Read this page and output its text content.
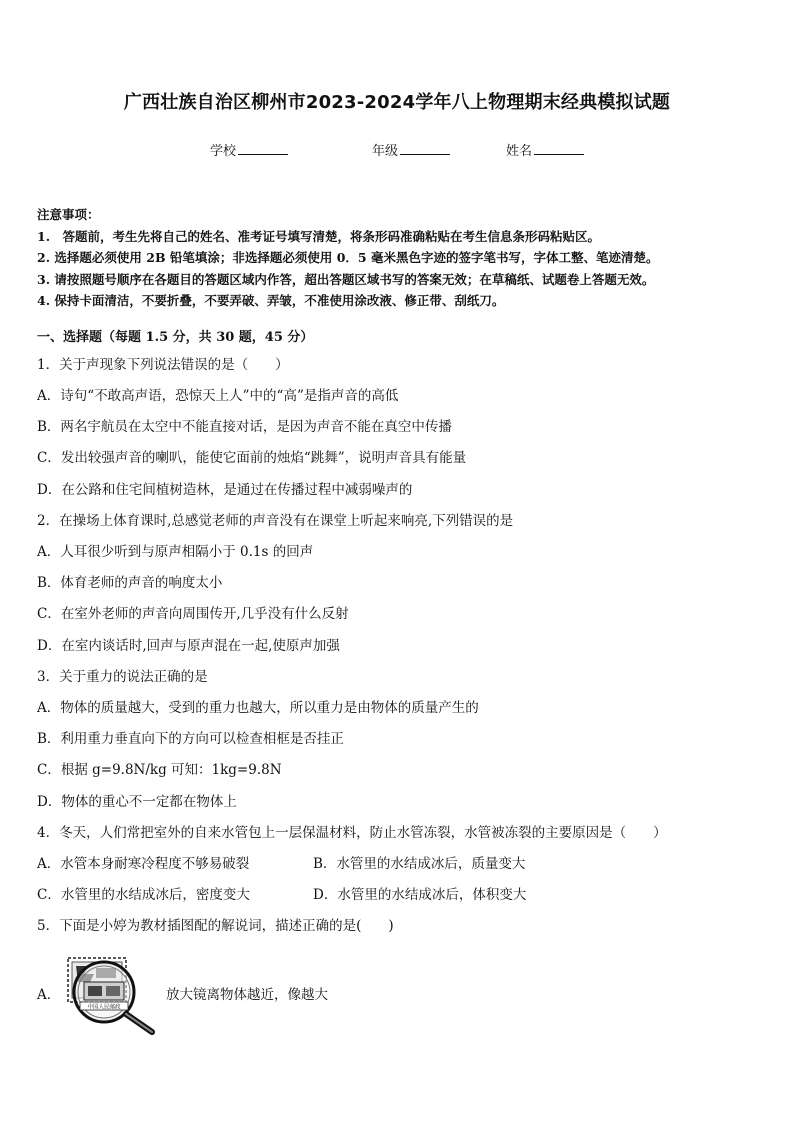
广西壮族自治区柳州市2023-2024学年八上物理期末经典模拟试题
学校	年级	姓名
注意事项：
1.　答题前，考生先将自己的姓名、准考证号填写清楚，将条形码准确粘贴在考生信息条形码粘贴区。
2. 选择题必须使用 2B 铅笔填涂；非选择题必须使用 0．5 毫米黑色字迹的签字笔书写，字体工整、笔迹清楚。
3. 请按照题号顺序在各题目的答题区域内作答，超出答题区域书写的答案无效；在草稿纸、试题卷上答题无效。
4. 保持卡面清洁，不要折叠，不要弄破、弄皱，不准使用涂改液、修正带、刮纸刀。
一、选择题（每题 1.5 分，共 30 题，45 分）
1．关于声现象下列说法错误的是（　　）
A．诗句“不敢高声语，恐惊天上人”中的“高”是指声音的高低
B．两名宇航员在太空中不能直接对话，是因为声音不能在真空中传播
C．发出较强声音的喇叭，能使它面前的烛焰“跳舞”，说明声音具有能量
D．在公路和住宅间植树造林，是通过在传播过程中减弱噪声的
2．在操场上体育课时,总感觉老师的声音没有在课堂上听起来响亮,下列错误的是
A．人耳很少听到与原声相隔小于 0.1s 的回声
B．体育老师的声音的响度太小
C．在室外老师的声音向周围传开,几乎没有什么反射
D．在室内谈话时,回声与原声混在一起,使原声加强
3．关于重力的说法正确的是
A．物体的质量越大，受到的重力也越大，所以重力是由物体的质量产生的
B．利用重力垂直向下的方向可以检查相框是否挂正
C．根据 g=9.8N/kg 可知：1kg=9.8N
D．物体的重心不一定都在物体上
4．冬天，人们常把室外的自来水管包上一层保温材料，防止水管冻裂，水管被冻裂的主要原因是（　　）
A．水管本身耐寒冷程度不够易破裂	B．水管里的水结成冰后，质量变大
C．水管里的水结成冰后，密度变大	D．水管里的水结成冰后，体积变大
5．下面是小婷为教材插图配的解说词，描述正确的是(　　)
A．
中国人民邮政
放大镜离物体越近，像越大
